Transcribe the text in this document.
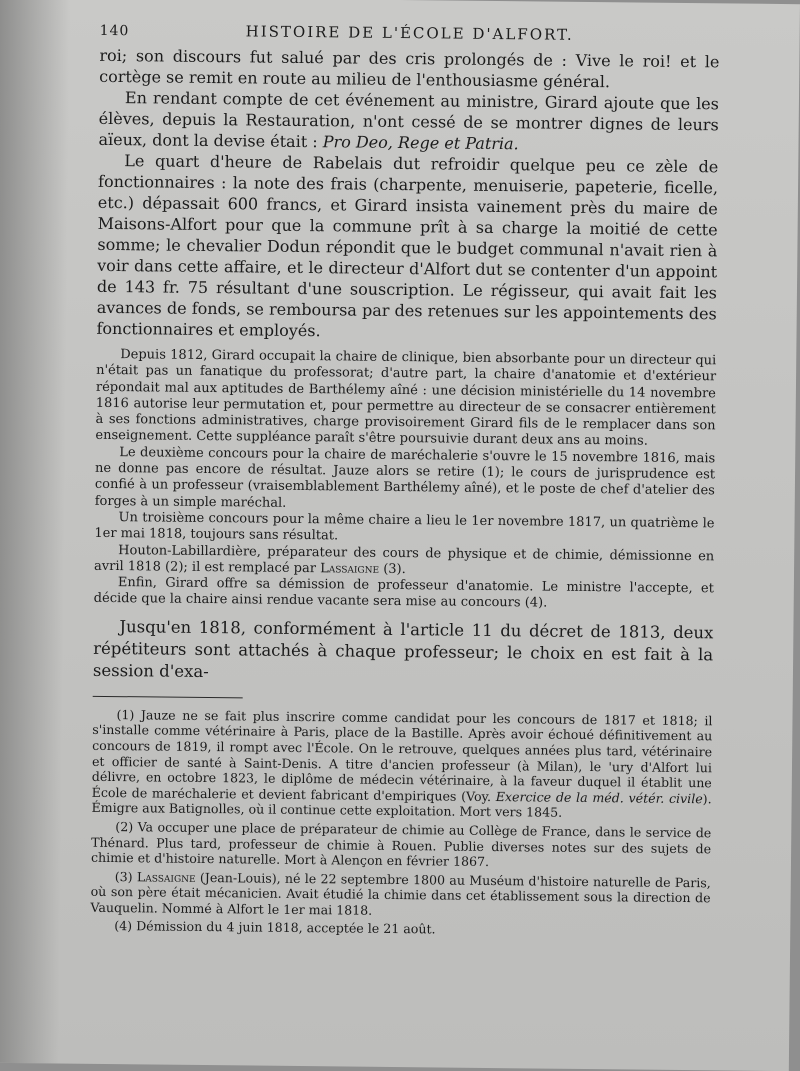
140	HISTOIRE DE L'ÉCOLE D'ALFORT.

roi; son discours fut salué par des cris prolongés de : Vive le roi! et le cortège se remit en route au milieu de l'enthousiasme général.

En rendant compte de cet événement au ministre, Girard ajoute que les élèves, depuis la Restauration, n'ont cessé de se montrer dignes de leurs aïeux, dont la devise était : Pro Deo, Rege et Patria.

Le quart d'heure de Rabelais dut refroidir quelque peu ce zèle de fonctionnaires : la note des frais (charpente, menuiserie, papeterie, ficelle, etc.) dépassait 600 francs, et Girard insista vainement près du maire de Maisons-Alfort pour que la commune prît à sa charge la moitié de cette somme; le chevalier Dodun répondit que le budget communal n'avait rien à voir dans cette affaire, et le directeur d'Alfort dut se contenter d'un appoint de 143 fr. 75 résultant d'une souscription. Le régisseur, qui avait fait les avances de fonds, se remboursa par des retenues sur les appointements des fonctionnaires et employés.

Depuis 1812, Girard occupait la chaire de clinique, bien absorbante pour un directeur qui n'était pas un fanatique du professorat; d'autre part, la chaire d'anatomie et d'extérieur répondait mal aux aptitudes de Barthélemy aîné : une décision ministérielle du 14 novembre 1816 autorise leur permutation et, pour permettre au directeur de se consacrer entièrement à ses fonctions administratives, charge provisoirement Girard fils de le remplacer dans son enseignement. Cette suppléance paraît s'être poursuivie durant deux ans au moins.

Le deuxième concours pour la chaire de maréchalerie s'ouvre le 15 novembre 1816, mais ne donne pas encore de résultat. Jauze alors se retire (1); le cours de jurisprudence est confié à un professeur (vraisemblablement Barthélemy aîné), et le poste de chef d'atelier des forges à un simple maréchal.

Un troisième concours pour la même chaire a lieu le 1er novembre 1817, un quatrième le 1er mai 1818, toujours sans résultat.

Houton-Labillardière, préparateur des cours de physique et de chimie, démissionne en avril 1818 (2); il est remplacé par Lassaigne (3).

Enfin, Girard offre sa démission de professeur d'anatomie. Le ministre l'accepte, et décide que la chaire ainsi rendue vacante sera mise au concours (4).

Jusqu'en 1818, conformément à l'article 11 du décret de 1813, deux répétiteurs sont attachés à chaque professeur; le choix en est fait à la session d'exa-

(1) Jauze ne se fait plus inscrire comme candidat pour les concours de 1817 et 1818; il s'installe comme vétérinaire à Paris, place de la Bastille. Après avoir échoué définitivement au concours de 1819, il rompt avec l'École. On le retrouve, quelques années plus tard, vétérinaire et officier de santé à Saint-Denis. A titre d'ancien professeur (à Milan), le 'ury d'Alfort lui délivre, en octobre 1823, le diplôme de médecin vétérinaire, à la faveur duquel il établit une École de maréchalerie et devient fabricant d'empiriques (Voy. Exercice de la méd. vétér. civile). Émigre aux Batignolles, où il continue cette exploitation. Mort vers 1845.

(2) Va occuper une place de préparateur de chimie au Collège de France, dans le service de Thénard. Plus tard, professeur de chimie à Rouen. Publie diverses notes sur des sujets de chimie et d'histoire naturelle. Mort à Alençon en février 1867.

(3) Lassaigne (Jean-Louis), né le 22 septembre 1800 au Muséum d'histoire naturelle de Paris, où son père était mécanicien. Avait étudié la chimie dans cet établissement sous la direction de Vauquelin. Nommé à Alfort le 1er mai 1818.

(4) Démission du 4 juin 1818, acceptée le 21 août.
